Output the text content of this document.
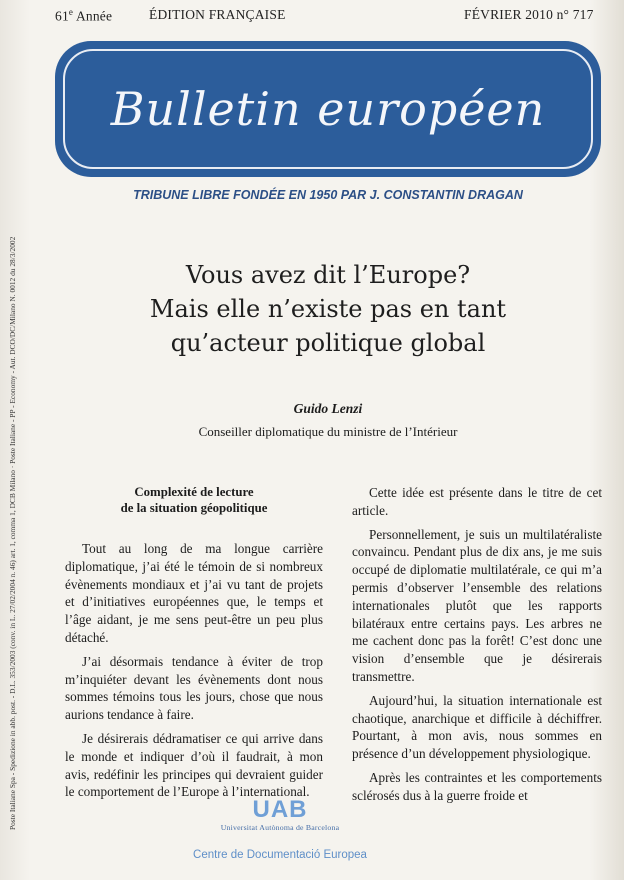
61e Année	ÉDITION FRANÇAISE	FÉVRIER 2010 n° 717
Bulletin européen
TRIBUNE LIBRE FONDÉE EN 1950 PAR J. CONSTANTIN DRAGAN
Vous avez dit l’Europe?
Mais elle n’existe pas en tant
qu’acteur politique global
Guido Lenzi
Conseiller diplomatique du ministre de l’Intérieur
Poste Italiane Spa - Spedizione in abb. post. - D.L. 353/2003 (conv. in L. 27/02/2004 n. 46) art. 1, comma 1, DCB Milano · Poste Italiane - PP - Economy - Aut. DCO/DC/Milano N. 0012 du 28/3/2002	Complexité de lecture
de la situation géopolitique

Tout au long de ma longue carrière diplomatique, j’ai été le témoin de si nombreux évènements mondiaux et j’ai vu tant de projets et d’initiatives européennes que, le temps et l’âge aidant, je me sens peut-être un peu plus détaché.

J’ai désormais tendance à éviter de trop m’inquiéter devant les évènements dont nous sommes témoins tous les jours, chose que nous aurions tendance à faire.

Je désirerais dédramatiser ce qui arrive dans le monde et indiquer d’où il faudrait, à mon avis, redéfinir les principes qui devraient guider le comportement de l’Europe à l’international.

Cette idée est présente dans le titre de cet article.

Personnellement, je suis un multilatéraliste convaincu. Pendant plus de dix ans, je me suis occupé de diplomatie multilatérale, ce qui m’a permis d’observer l’ensemble des relations internationales plutôt que les rapports bilatéraux entre certains pays. Les arbres ne me cachent donc pas la forêt! C’est donc une vision d’ensemble que je désirerais transmettre.

Aujourd’hui, la situation internationale est chaotique, anarchique et difficile à déchiffrer. Pourtant, à mon avis, nous sommes en présence d’un développement physiologique.

Après les contraintes et les comportements sclérosés dus à la guerre froide et

UAB
Universitat Autònoma de Barcelona
Centre de Documentació Europea
